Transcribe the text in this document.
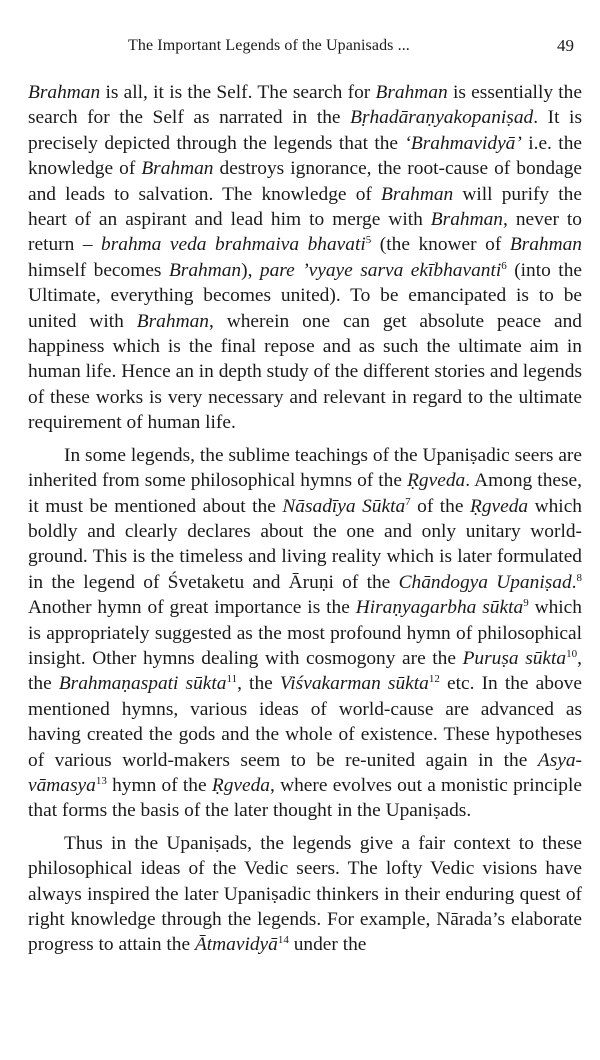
The Important Legends of the Upanisads ...	49

Brahman is all, it is the Self. The search for Brahman is essentially the search for the Self as narrated in the Bṛhadāraṇyakopaniṣad. It is precisely depicted through the legends that the ‘Brahmavidyā’ i.e. the knowledge of Brahman destroys ignorance, the root-cause of bondage and leads to salvation. The knowledge of Brahman will purify the heart of an aspirant and lead him to merge with Brahman, never to return – brahma veda brahmaiva bhavati$^5$ (the knower of Brahman himself becomes Brahman), pare ’vyaye sarva ekībhavanti$^6$ (into the Ultimate, everything becomes united). To be emancipated is to be united with Brahman, wherein one can get absolute peace and happiness which is the final repose and as such the ultimate aim in human life. Hence an in depth study of the different stories and legends of these works is very necessary and relevant in regard to the ultimate requirement of human life.

In some legends, the sublime teachings of the Upaniṣadic seers are inherited from some philosophical hymns of the Ṛgveda. Among these, it must be mentioned about the Nāsadīya Sūkta$^7$ of the Ṛgveda which boldly and clearly declares about the one and only unitary world-ground. This is the timeless and living reality which is later formulated in the legend of Śvetaketu and Āruṇi of the Chāndogya Upaniṣad.$^8$ Another hymn of great importance is the Hiraṇyagarbha sūkta$^9$ which is appropriately suggested as the most profound hymn of philosophical insight. Other hymns dealing with cosmogony are the Puruṣa sūkta$^{10}$, the Brahmaṇaspati sūkta$^{11}$, the Viśvakarman sūkta$^{12}$ etc. In the above mentioned hymns, various ideas of world-cause are advanced as having created the gods and the whole of existence. These hypotheses of various world-makers seem to be re-united again in the Asya-vāmasya$^{13}$ hymn of the Ṛgveda, where evolves out a monistic principle that forms the basis of the later thought in the Upaniṣads.

Thus in the Upaniṣads, the legends give a fair context to these philosophical ideas of the Vedic seers. The lofty Vedic visions have always inspired the later Upaniṣadic thinkers in their enduring quest of right knowledge through the legends. For example, Nārada’s elaborate progress to attain the Ātmavidyā$^{14}$ under the
